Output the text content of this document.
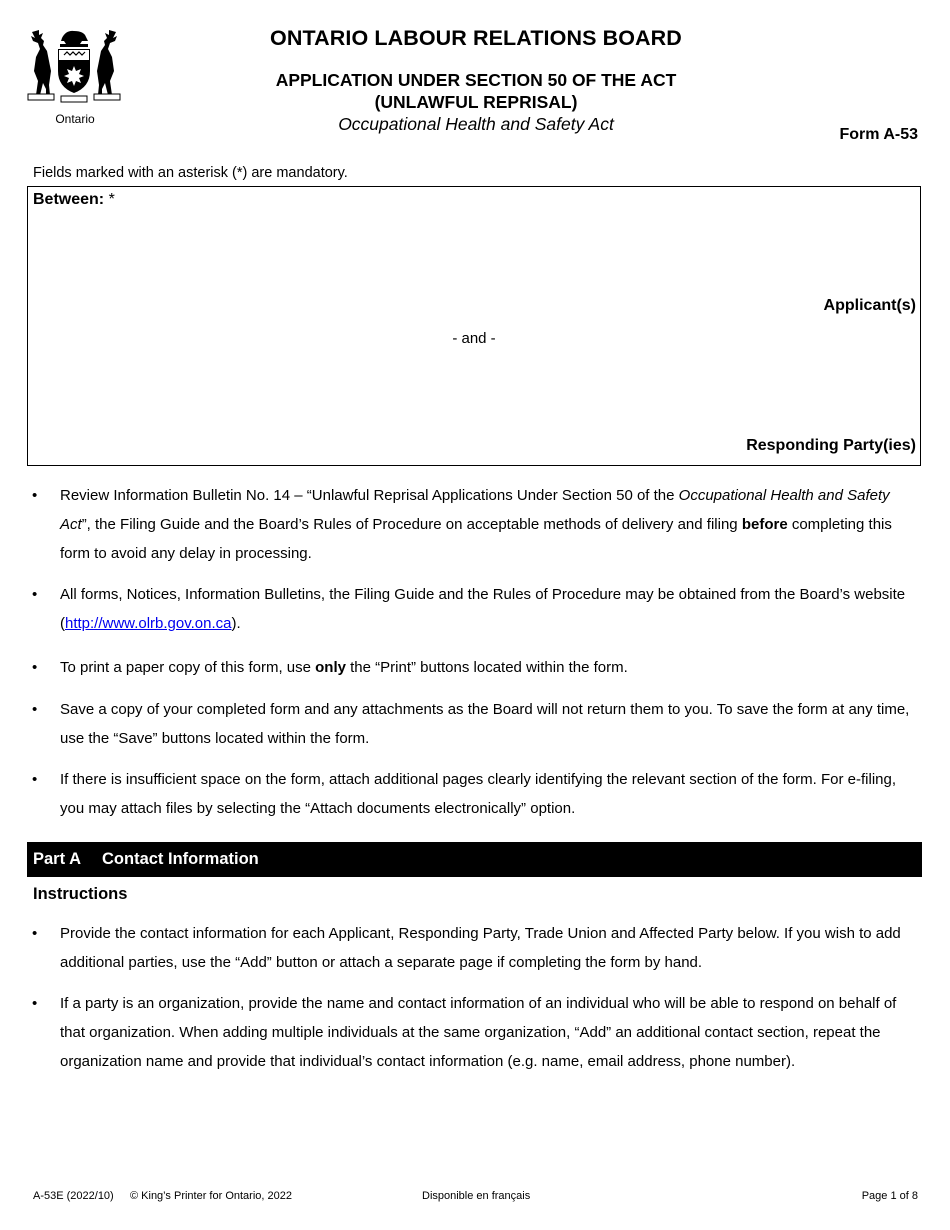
Ontario
ONTARIO LABOUR RELATIONS BOARD
APPLICATION UNDER SECTION 50 OF THE ACT
(UNLAWFUL REPRISAL)
Occupational Health and Safety Act
Form A-53
Fields marked with an asterisk (*) are mandatory.
Between: *
Applicant(s)
- and -
Responding Party(ies)
• Review Information Bulletin No. 14 – “Unlawful Reprisal Applications Under Section 50 of the Occupational Health and Safety Act”, the Filing Guide and the Board’s Rules of Procedure on acceptable methods of delivery and filing before completing this form to avoid any delay in processing.
• All forms, Notices, Information Bulletins, the Filing Guide and the Rules of Procedure may be obtained from the Board’s website (http://www.olrb.gov.on.ca).
• To print a paper copy of this form, use only the “Print” buttons located within the form.
• Save a copy of your completed form and any attachments as the Board will not return them to you. To save the form at any time, use the “Save” buttons located within the form.
• If there is insufficient space on the form, attach additional pages clearly identifying the relevant section of the form. For e-filing, you may attach files by selecting the “Attach documents electronically” option.
Part A Contact Information
Instructions
• Provide the contact information for each Applicant, Responding Party, Trade Union and Affected Party below. If you wish to add additional parties, use the “Add” button or attach a separate page if completing the form by hand.
• If a party is an organization, provide the name and contact information of an individual who will be able to respond on behalf of that organization. When adding multiple individuals at the same organization, “Add” an additional contact section, repeat the organization name and provide that individual’s contact information (e.g. name, email address, phone number).
A-53E (2022/10) © King’s Printer for Ontario, 2022	Disponible en français	Page 1 of 8
